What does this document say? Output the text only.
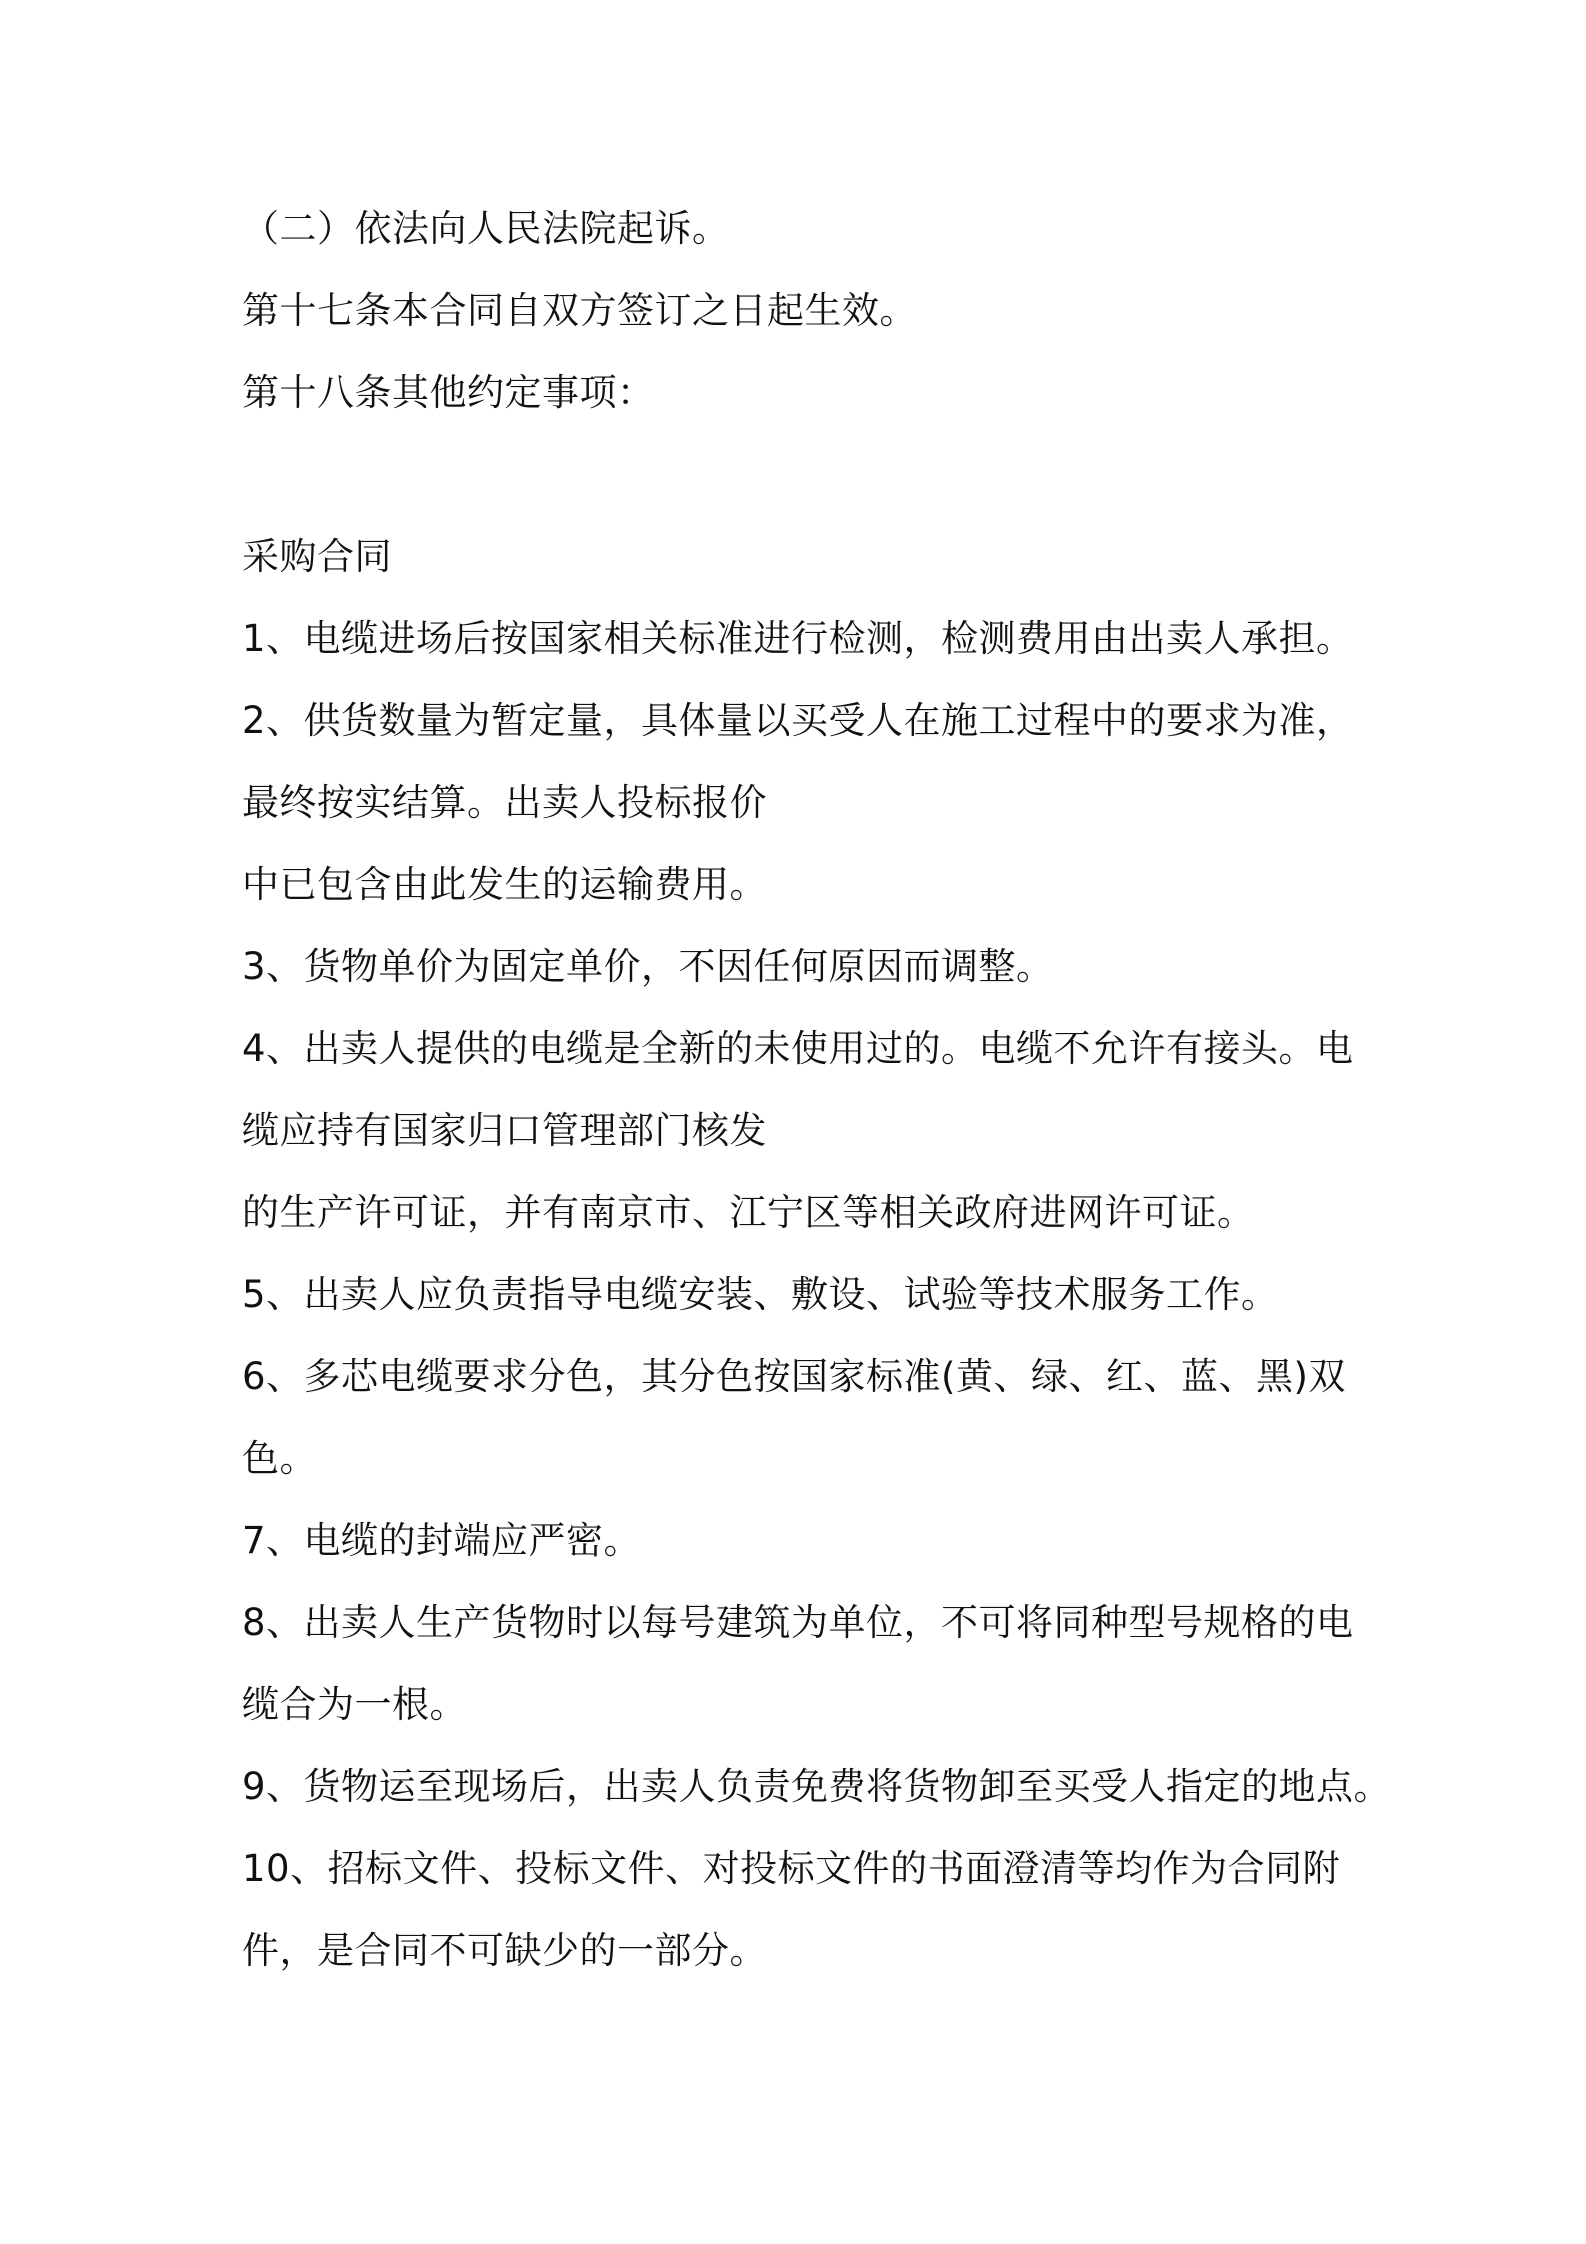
（二）依法向人民法院起诉。
第十七条本合同自双方签订之日起生效。
第十八条其他约定事项：
采购合同
1、电缆进场后按国家相关标准进行检测，检测费用由出卖人承担。
2、供货数量为暂定量，具体量以买受人在施工过程中的要求为准，
最终按实结算。出卖人投标报价
中已包含由此发生的运输费用。
3、货物单价为固定单价，不因任何原因而调整。
4、出卖人提供的电缆是全新的未使用过的。电缆不允许有接头。电
缆应持有国家归口管理部门核发
的生产许可证，并有南京市、江宁区等相关政府进网许可证。
5、出卖人应负责指导电缆安装、敷设、试验等技术服务工作。
6、多芯电缆要求分色，其分色按国家标准(黄、绿、红、蓝、黑)双
色。
7、电缆的封端应严密。
8、出卖人生产货物时以每号建筑为单位，不可将同种型号规格的电
缆合为一根。
9、货物运至现场后，出卖人负责免费将货物卸至买受人指定的地点。
10、招标文件、投标文件、对投标文件的书面澄清等均作为合同附
件，是合同不可缺少的一部分。
